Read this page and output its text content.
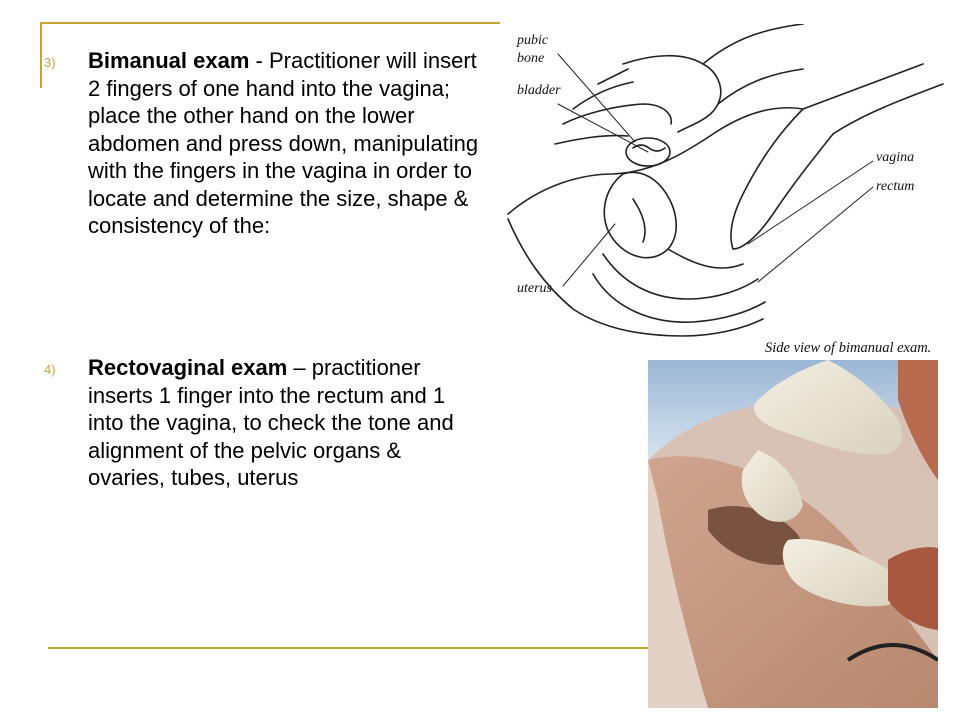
3) Bimanual exam - Practitioner will insert 2 fingers of one hand into the vagina; place the other hand on the lower abdomen and press down, manipulating with the fingers in the vagina in order to locate and determine the size, shape & consistency of the:
4) Rectovaginal exam – practitioner inserts 1 finger into the rectum and 1 into the vagina, to check the tone and alignment of the pelvic organs & ovaries, tubes, uterus
pubic
bone
bladder
vagina
rectum
uterus
Side view of bimanual exam.
